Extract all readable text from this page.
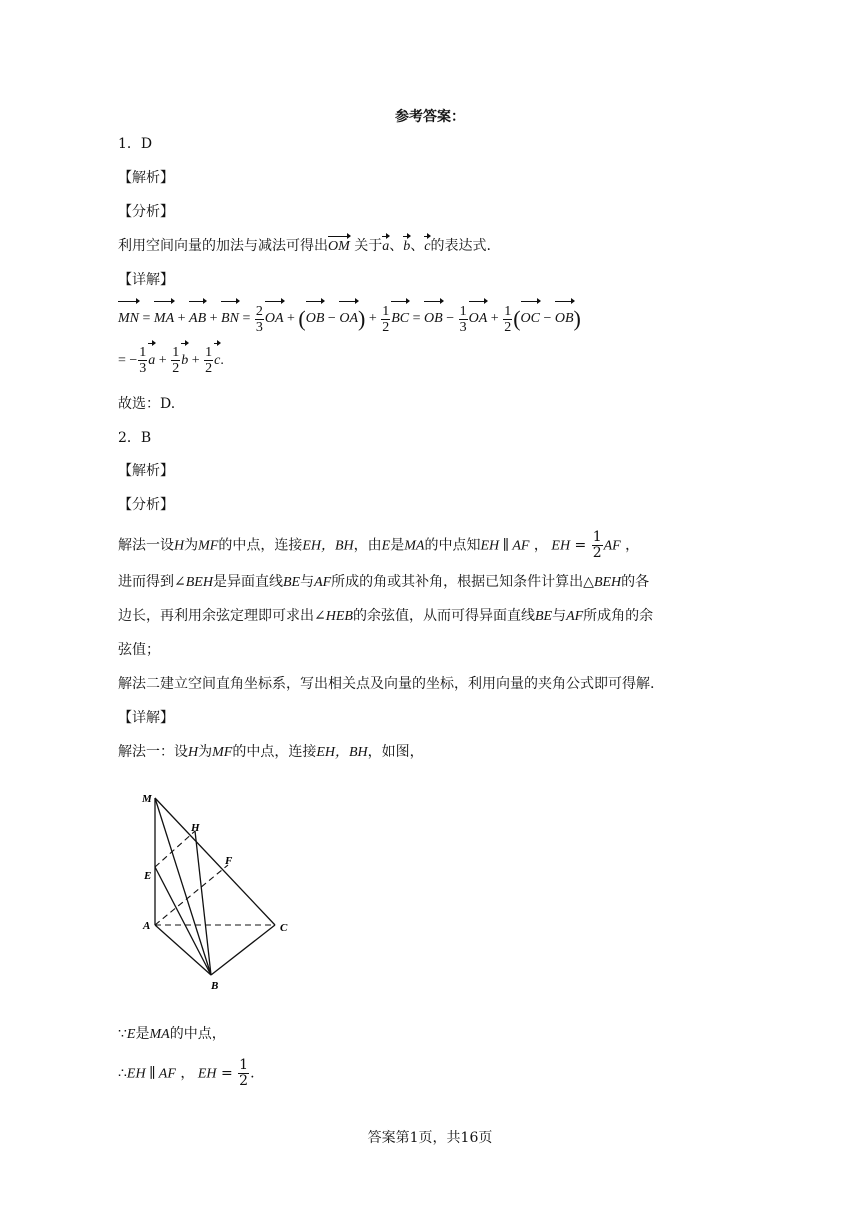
参考答案：
1．D
【解析】
【分析】
利用空间向量的加法与减法可得出OM 关于a、b、c的表达式.
【详解】
MN = MA + AB + BN = $\frac{2}{3}$ OA + $(OB - OA) + \frac{1}{2}$ BC = OB − $\frac{1}{3}$ OA + $\frac{1}{2} (OC - OB)$
= − $\frac{1}{3}$ $a + \frac{1}{2}$ $b + \frac{1}{2} c$.
故选：D.
2．B
【解析】
【分析】
解法一设H为MF的中点，连接EH，BH，由E是MA的中点知EH ∥ AF ， EH = $\frac{1}{2}$ AF ，
进而得到∠BEH是异面直线BE与AF所成的角或其补角，根据已知条件计算出△BEH的各
边长，再利用余弦定理即可求出∠HEB的余弦值，从而可得异面直线BE与AF所成角的余
弦值；
解法二建立空间直角坐标系，写出相关点及向量的坐标，利用向量的夹角公式即可得解.
【详解】
解法一：设H为MF的中点，连接EH，BH，如图，
M
H
F
E
A	C
B
∵E是MA的中点，
∴EH ∥ AF ， EH = $\frac{1}{2}$ .
答案第1页，共16页
